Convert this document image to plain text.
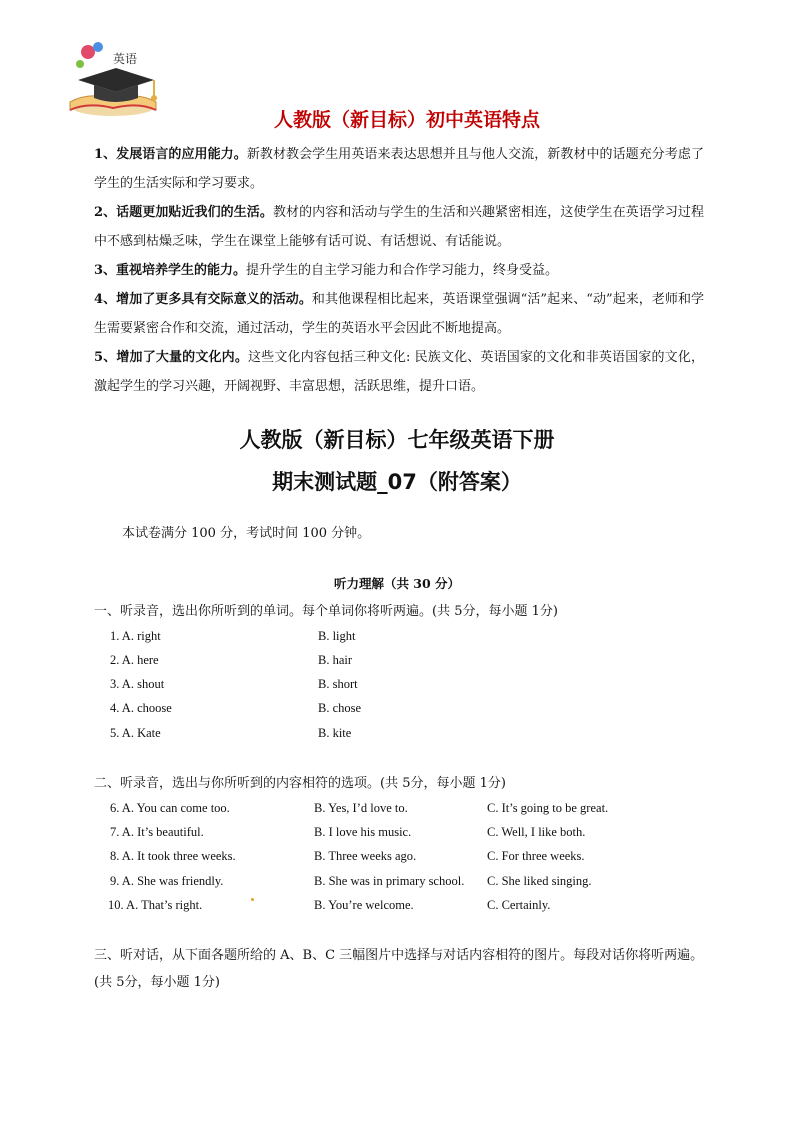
英语
人教版（新目标）初中英语特点
1、发展语言的应用能力。新教材教会学生用英语来表达思想并且与他人交流，新教材中的话题充分考虑了学生的生活实际和学习要求。
2、话题更加贴近我们的生活。教材的内容和活动与学生的生活和兴趣紧密相连，这使学生在英语学习过程中不感到枯燥乏味，学生在课堂上能够有话可说、有话想说、有话能说。
3、重视培养学生的能力。提升学生的自主学习能力和合作学习能力，终身受益。
4、增加了更多具有交际意义的活动。和其他课程相比起来，英语课堂强调“活”起来、“动”起来，老师和学生需要紧密合作和交流，通过活动，学生的英语水平会因此不断地提高。
5、增加了大量的文化内。这些文化内容包括三种文化: 民族文化、英语国家的文化和非英语国家的文化，激起学生的学习兴趣，开阔视野、丰富思想，活跃思维，提升口语。
人教版（新目标）七年级英语下册
期末测试题_07（附答案）
本试卷满分 100 分，考试时间 100 分钟。
听力理解（共 30 分）
一、听录音，选出你所听到的单词。每个单词你将听两遍。(共 5分，每小题 1分)
1. A. right	B. light
2. A. here	B. hair
3. A. shout	B. short
4. A. choose	B. chose
5. A. Kate	B. kite
二、听录音，选出与你所听到的内容相符的选项。(共 5分，每小题 1分)
6. A. You can come too.	B. Yes, I’d love to.	C. It’s going to be great.
7. A. It’s beautiful.	B. I love his music.	C. Well, I like both.
8. A. It took three weeks.	B. Three weeks ago.	C. For three weeks.
9. A. She was friendly.	B. She was in primary school. C. She liked singing.
10. A. That’s right.	B. You’re welcome.	C. Certainly.
三、听对话，从下面各题所给的 A、B、C 三幅图片中选择与对话内容相符的图片。每段对话你将听两遍。(共 5分，每小题 1分)
